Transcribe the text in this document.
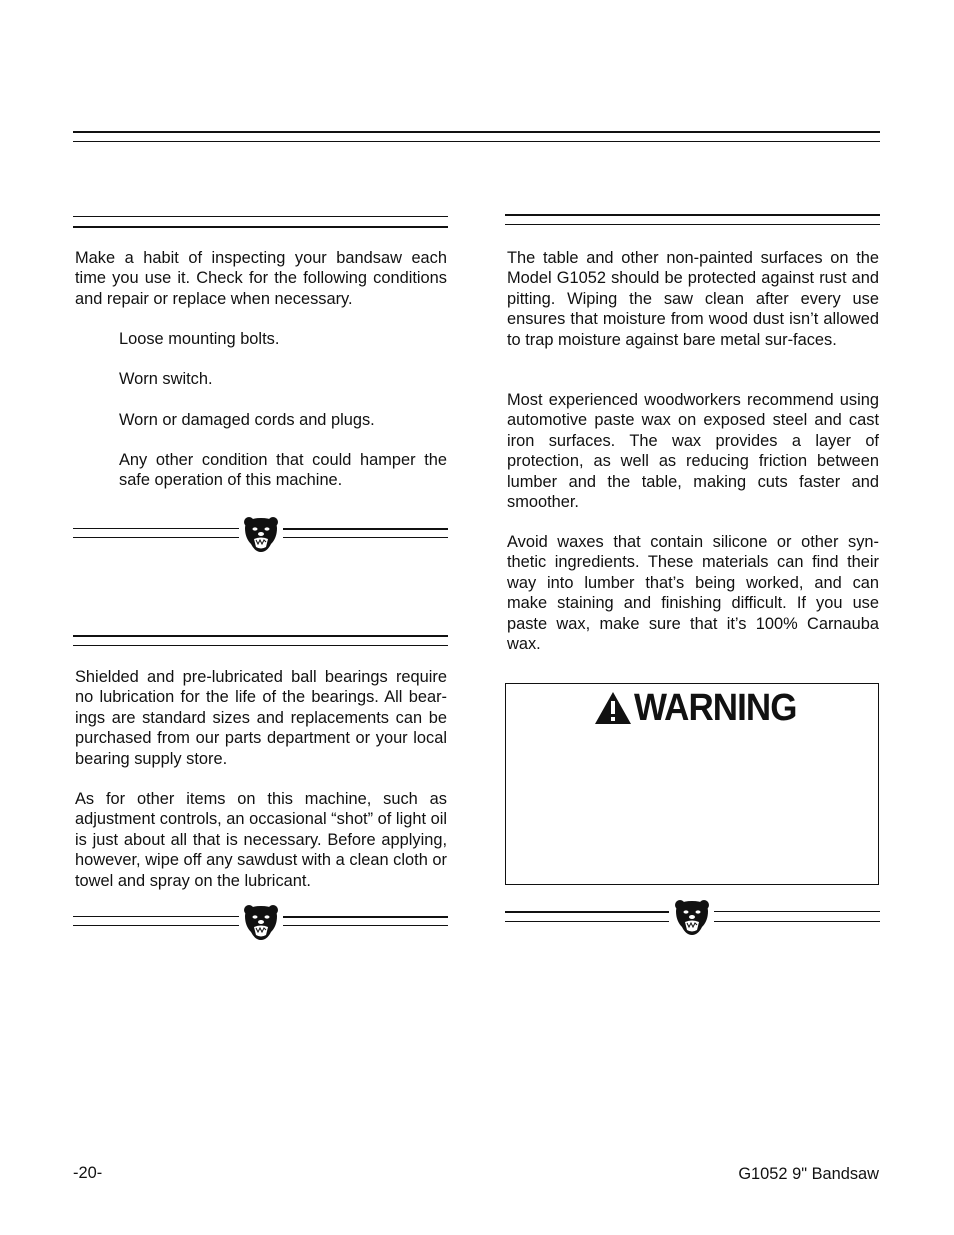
Make a habit of inspecting your bandsaw each time you use it. Check for the following conditions and repair or replace when necessary.

Loose mounting bolts.

Worn switch.

Worn or damaged cords and plugs.

Any other condition that could hamper the safe operation of this machine.

Shielded and pre-lubricated ball bearings require no lubrication for the life of the bearings. All bear-ings are standard sizes and replacements can be purchased from our parts department or your local bearing supply store.

As for other items on this machine, such as adjustment controls, an occasional “shot” of light oil is just about all that is necessary. Before applying, however, wipe off any sawdust with a clean cloth or towel and spray on the lubricant.

The table and other non-painted surfaces on the Model G1052 should be protected against rust and pitting. Wiping the saw clean after every use ensures that moisture from wood dust isn’t allowed to trap moisture against bare metal sur-faces.

Most experienced woodworkers recommend using automotive paste wax on exposed steel and cast iron surfaces. The wax provides a layer of protection, as well as reducing friction between lumber and the table, making cuts faster and smoother.

Avoid waxes that contain silicone or other syn-thetic ingredients. These materials can find their way into lumber that’s being worked, and can make staining and finishing difficult. If you use paste wax, make sure that it’s 100% Carnauba wax.

WARNING
-20-	G1052 9" Bandsaw
